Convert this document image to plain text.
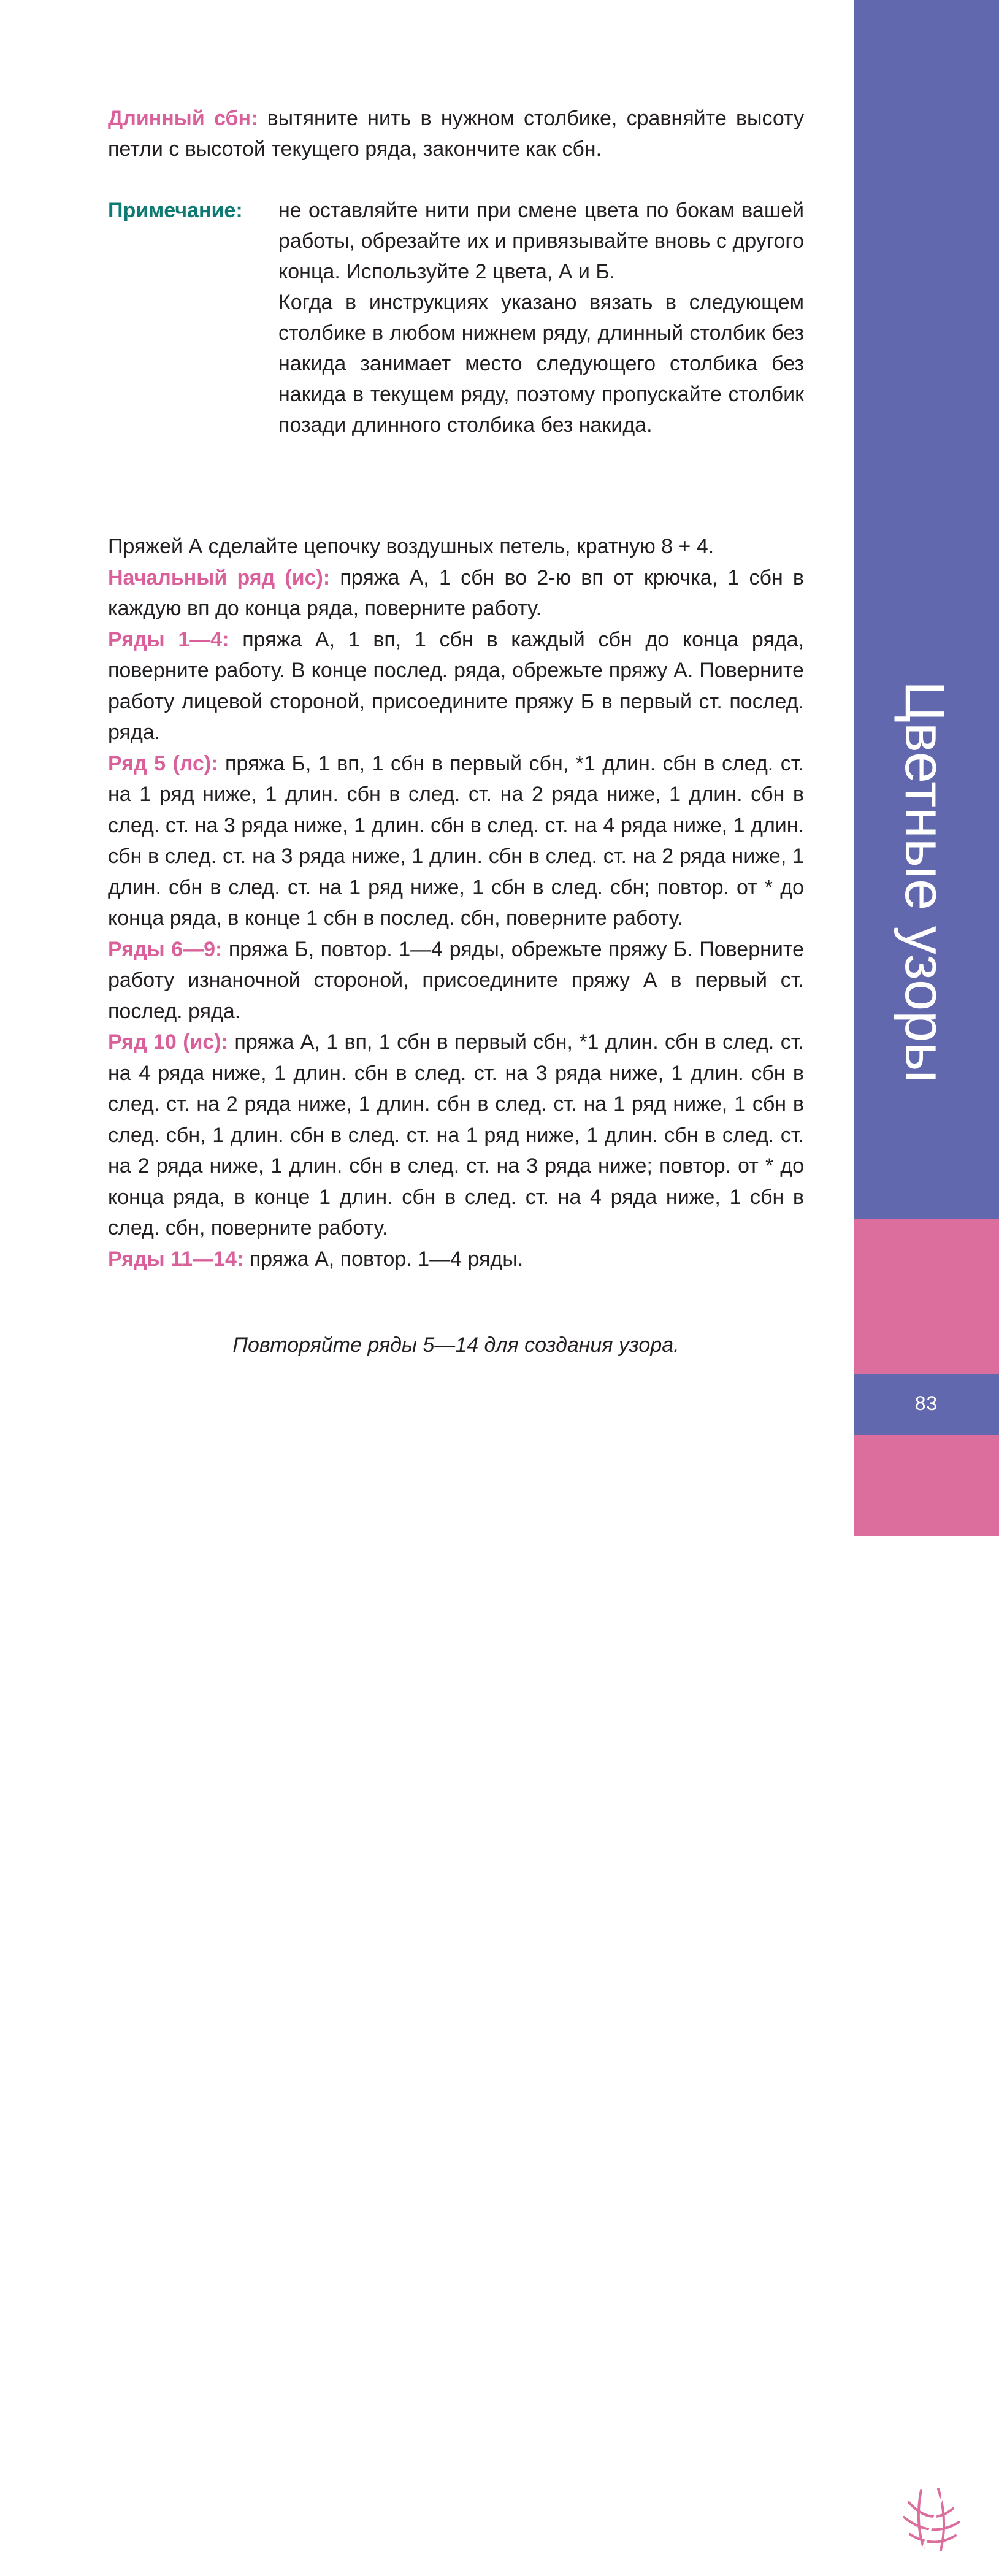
Цветные узоры
83
Длинный сбн: вытяните нить в нужном столбике, сравняйте высоту петли с высотой текущего ряда, закончите как сбн.
Примечание: не оставляйте нити при смене цвета по бокам вашей работы, обрезайте их и привязывайте вновь с другого конца. Используйте 2 цвета, А и Б.

Когда в инструкциях указано вязать в следующем столбике в любом нижнем ряду, длинный столбик без накида занимает место следующего столбика без накида в текущем ряду, поэтому пропускайте столбик позади длинного столбика без накида.

Пряжей А сделайте цепочку воздушных петель, кратную 8 + 4.

Начальный ряд (ис): пряжа А, 1 сбн во 2-ю вп от крючка, 1 сбн в каждую вп до конца ряда, поверните работу.

Ряды 1—4: пряжа А, 1 вп, 1 сбн в каждый сбн до конца ряда, поверните работу. В конце послед. ряда, обрежьте пряжу А. Поверните работу лицевой стороной, присоедините пряжу Б в первый ст. послед. ряда.

Ряд 5 (лс): пряжа Б, 1 вп, 1 сбн в первый сбн, *1 длин. сбн в след. ст. на 1 ряд ниже, 1 длин. сбн в след. ст. на 2 ряда ниже, 1 длин. сбн в след. ст. на 3 ряда ниже, 1 длин. сбн в след. ст. на 4 ряда ниже, 1 длин. сбн в след. ст. на 3 ряда ниже, 1 длин. сбн в след. ст. на 2 ряда ниже, 1 длин. сбн в след. ст. на 1 ряд ниже, 1 сбн в след. сбн; повтор. от * до конца ряда, в конце 1 сбн в послед. сбн, поверните работу.

Ряды 6—9: пряжа Б, повтор. 1—4 ряды, обрежьте пряжу Б. Поверните работу изнаночной стороной, присоедините пряжу А в первый ст. послед. ряда.

Ряд 10 (ис): пряжа А, 1 вп, 1 сбн в первый сбн, *1 длин. сбн в след. ст. на 4 ряда ниже, 1 длин. сбн в след. ст. на 3 ряда ниже, 1 длин. сбн в след. ст. на 2 ряда ниже, 1 длин. сбн в след. ст. на 1 ряд ниже, 1 сбн в след. сбн, 1 длин. сбн в след. ст. на 1 ряд ниже, 1 длин. сбн в след. ст. на 2 ряда ниже, 1 длин. сбн в след. ст. на 3 ряда ниже; повтор. от * до конца ряда, в конце 1 длин. сбн в след. ст. на 4 ряда ниже, 1 сбн в след. сбн, поверните работу.

Ряды 11—14: пряжа А, повтор. 1—4 ряды.

Повторяйте ряды 5—14 для создания узора.
